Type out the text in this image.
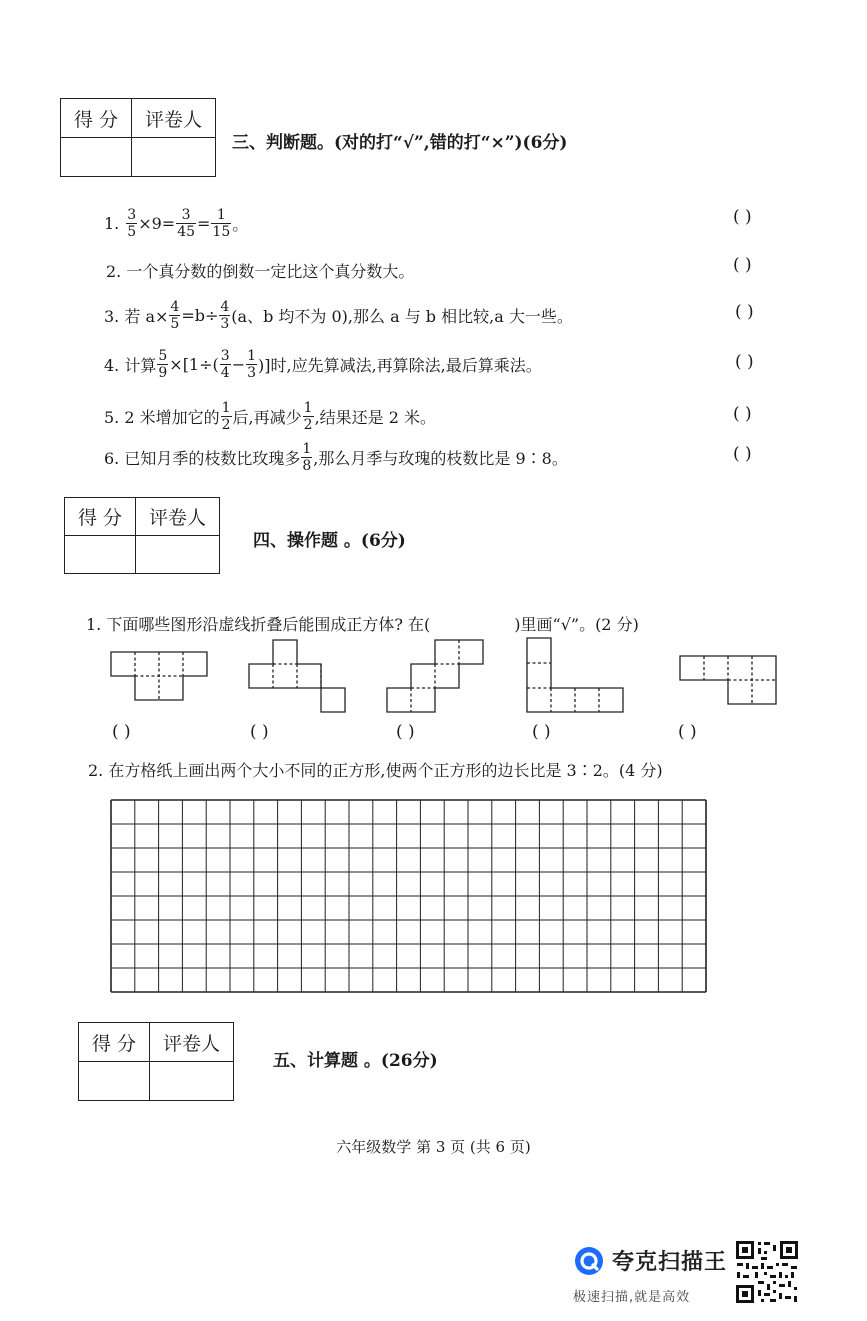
得 分	评卷人

三、判断题。(对的打“√”,错的打“×”)(6分)
1. $\frac{3}{5} \times 9= \frac{3}{45} = \frac{1}{15}$ 。	( )
2. 一个真分数的倒数一定比这个真分数大。	( )
3. 若 $a\times \frac{4}{5} =b\div \frac{4}{3} (a$、b 均不为 0),那么 a 与 b 相比较,a 大一些。	( )
4. 计算 $\frac{5}{9} \times[1\div( \frac{3}{4} - \frac{1}{3}$ )]时,应先算减法,再算除法,最后算乘法。	( )
5. 2 米增加它的 $\frac{1}{2}$ 后,再减少 $\frac{1}{2}$ ,结果还是 2 米。	( )
6. 已知月季的枝数比玫瑰多 $\frac{1}{8}$ ,那么月季与玫瑰的枝数比是 9∶8。	( )
得 分	评卷人

四、操作题 。(6分)
1. 下面哪些图形沿虚线折叠后能围成正方体? 在(	)里画“√”。(2 分)
( )	( )	( )	( )	( )
2. 在方格纸上画出两个大小不同的正方形,使两个正方形的边长比是 3∶2。(4 分)
得 分	评卷人

五、计算题 。(26分)
六年级数学 第 3 页 (共 6 页)
夸克扫描王
极速扫描,就是高效
